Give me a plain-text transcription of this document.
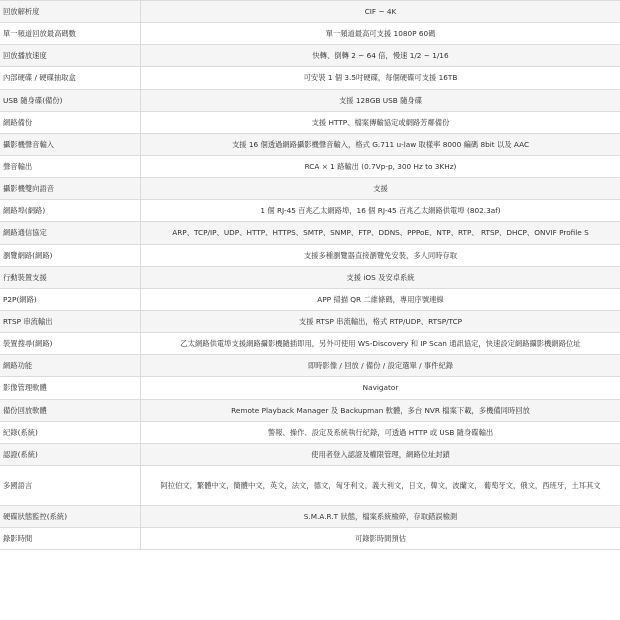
回放解析度	CIF ~ 4K
單一頻道回放最高碼數	單一頻道最高可支援 1080P 60碼
回放播放速度	快轉、倒轉 2 ~ 64 倍，慢速 1/2 ~ 1/16
內部硬碟 / 硬碟抽取盒	可安裝 1 個 3.5吋硬碟，每個硬碟可支援 16TB
USB 隨身碟(備份)	支援 128GB USB 隨身碟
網路備份	支援 HTTP、檔案傳輸協定或網路芳鄰備份
攝影機聲音輸入	支援 16 個透過網路攝影機聲音輸入，格式 G.711 u-law 取樣率 8000 編碼 8bit 以及 AAC
聲音輸出	RCA × 1 路輸出 (0.7Vp-p, 300 Hz to 3KHz)
攝影機雙向語音	支援
網路埠(網路)	1 個 RJ-45 百兆乙太網路埠，16 個 RJ-45 百兆乙太網路供電埠 (802.3af)
網路通信協定	ARP、TCP/IP、UDP、HTTP、HTTPS、SMTP、SNMP、FTP、DDNS、PPPoE、NTP、RTP、 RTSP、DHCP、ONVIF Profile S
瀏覽網路(網路)	支援多種瀏覽器直接瀏覽免安裝，多人同時存取
行動裝置支援	支援 iOS 及安卓系統
P2P(網路)	APP 掃描 QR 二維條碼，專用序號連線
RTSP 串流輸出	支援 RTSP 串流輸出，格式 RTP/UDP、RTSP/TCP
裝置搜尋(網路)	乙太網路供電埠支援網路攝影機隨插即用，另外可使用 WS-Discovery 和 IP Scan 通訊協定，快速設定網路攝影機網路位址
網路功能	即時影像 / 回放 / 備份 / 設定選單 / 事件紀錄
影像管理軟體	Navigator
備份回放軟體	Remote Playback Manager 及 Backupman 軟體，多台 NVR 檔案下載，多機備同時回放
紀錄(系統)	警報、操作、設定及系統執行紀錄，可透過 HTTP 或 USB 隨身碟輸出
認證(系統)	使用者登入認證及權限管理，網路位址封鎖
多國語言	阿拉伯文，繁體中文，簡體中文，英文，法文，德文，匈牙利文，義大利文，日文，韓文，波蘭文， 葡萄牙文，俄文，西班牙，土耳其文
硬碟狀態監控(系統)	S.M.A.R.T 狀態，檔案系統檢碎，存取錯誤檢測
錄影時間	可錄影時間預估
